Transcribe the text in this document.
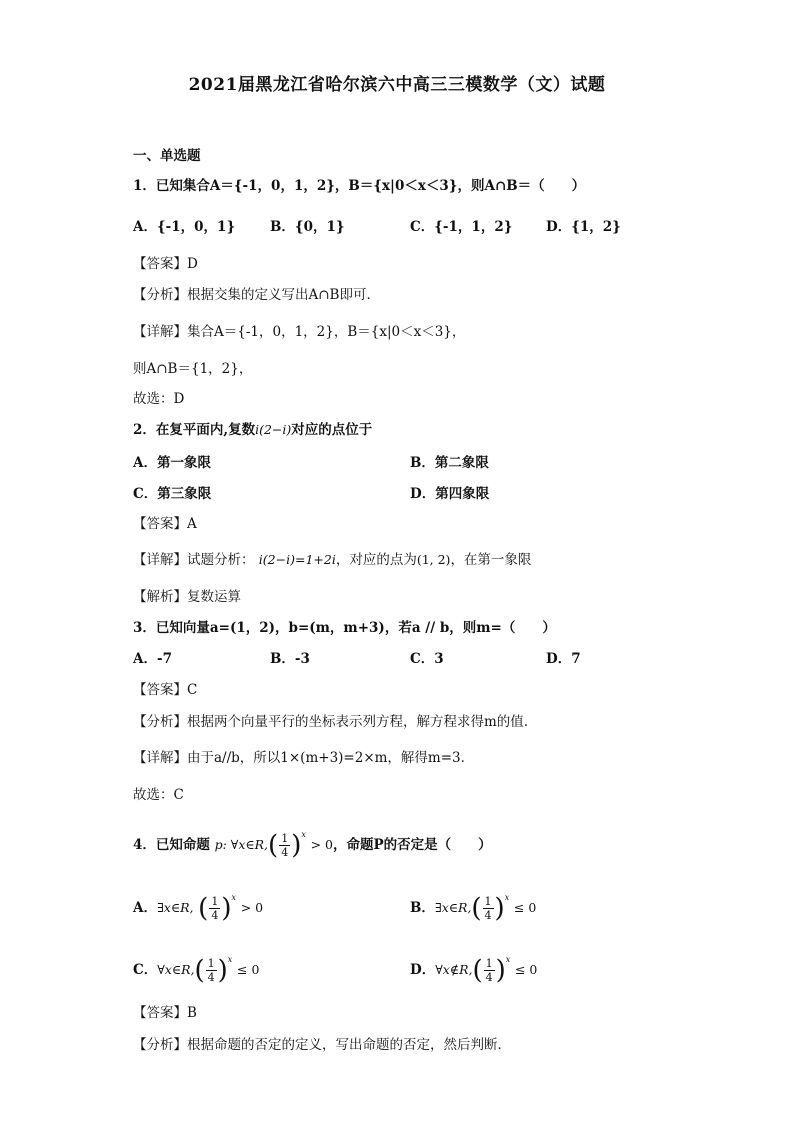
2021届黑龙江省哈尔滨六中高三三模数学（文）试题
一、单选题
1．已知集合A＝{-1，0，1，2}，B＝{x|0＜x＜3}，则A∩B＝（　　）
A．{-1，0，1}	B．{0，1}	C．{-1，1，2} D．{1，2}
【答案】D
【分析】根据交集的定义写出A∩B即可．
【详解】集合A＝{-1，0，1，2}，B＝{x|0＜x＜3}，
则A∩B＝{1，2}，
故选：D
2．在复平面内,复数i(2−i)对应的点位于
A．第一象限	B．第二象限
C．第三象限	D．第四象限
【答案】A
【详解】试题分析： i(2−i)=1+2i，对应的点为(1, 2)，在第一象限
【解析】复数运算
3．已知向量a=(1，2)，b=(m，m+3)，若a // b，则m=（　　）
A．-7	B．-3	C．3	D．7
【答案】C
【分析】根据两个向量平行的坐标表示列方程，解方程求得m的值.
【详解】由于a//b，所以1×(m+3)=2×m，解得m=3．
故选：C
4．已知命题 p: ∀x∈R,( $\frac{1}{4} )^x > 0$，命题P的否定是（　　）
A．∃x∈R, ( $\frac{1}{4} )^x > 0$	B．∃x∈R,( $\frac{1}{4} )^x \le 0$
C．∀x∈R,( $\frac{1}{4} )^x \le 0$	D．∀x∉R,( $\frac{1}{4} )^x \le 0$
【答案】B
【分析】根据命题的否定的定义，写出命题的否定，然后判断．
